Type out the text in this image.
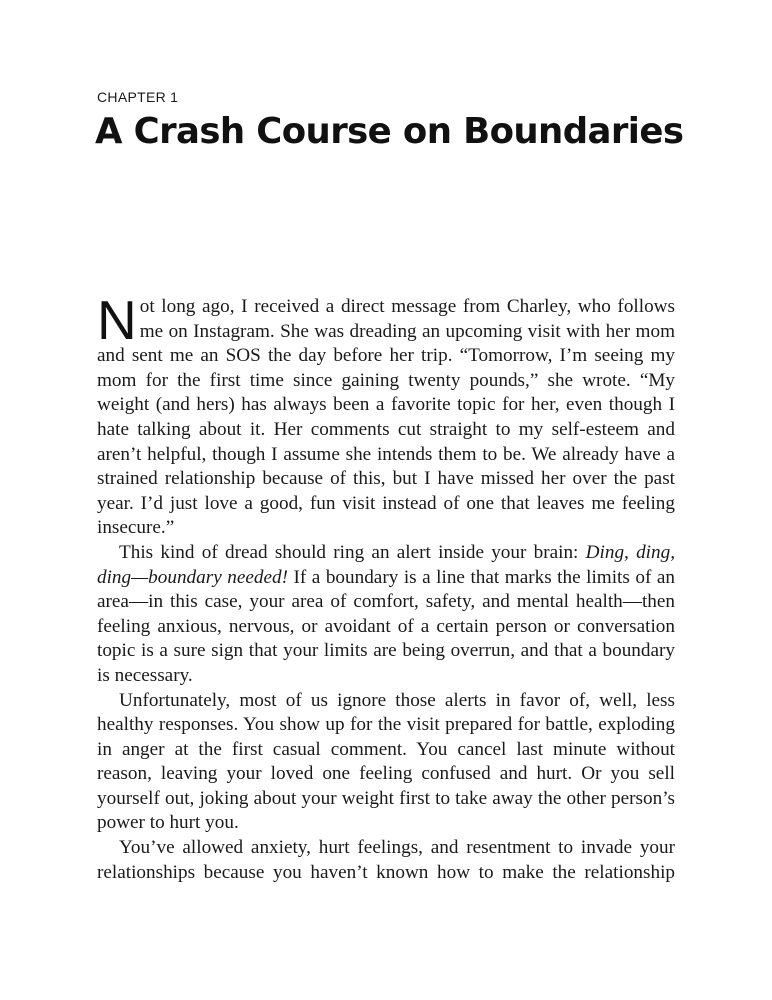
CHAPTER 1

A Crash Course on Boundaries

Not long ago, I received a direct message from Charley, who follows me on Instagram. She was dreading an upcoming visit with her mom and sent me an SOS the day before her trip. “Tomorrow, I’m seeing my mom for the first time since gaining twenty pounds,” she wrote. “My weight (and hers) has always been a favorite topic for her, even though I hate talking about it. Her comments cut straight to my self-esteem and aren’t helpful, though I assume she intends them to be. We already have a strained relationship because of this, but I have missed her over the past year. I’d just love a good, fun visit instead of one that leaves me feeling insecure.”

This kind of dread should ring an alert inside your brain: Ding, ding, ding—boundary needed! If a boundary is a line that marks the limits of an area—in this case, your area of comfort, safety, and mental health—then feeling anxious, nervous, or avoidant of a certain person or conversation topic is a sure sign that your limits are being overrun, and that a boundary is necessary.

Unfortunately, most of us ignore those alerts in favor of, well, less healthy responses. You show up for the visit prepared for battle, exploding in anger at the first casual comment. You cancel last minute without reason, leaving your loved one feeling confused and hurt. Or you sell yourself out, joking about your weight first to take away the other person’s power to hurt you.

You’ve allowed anxiety, hurt feelings, and resentment to invade your relationships because you haven’t known how to make the relationship
